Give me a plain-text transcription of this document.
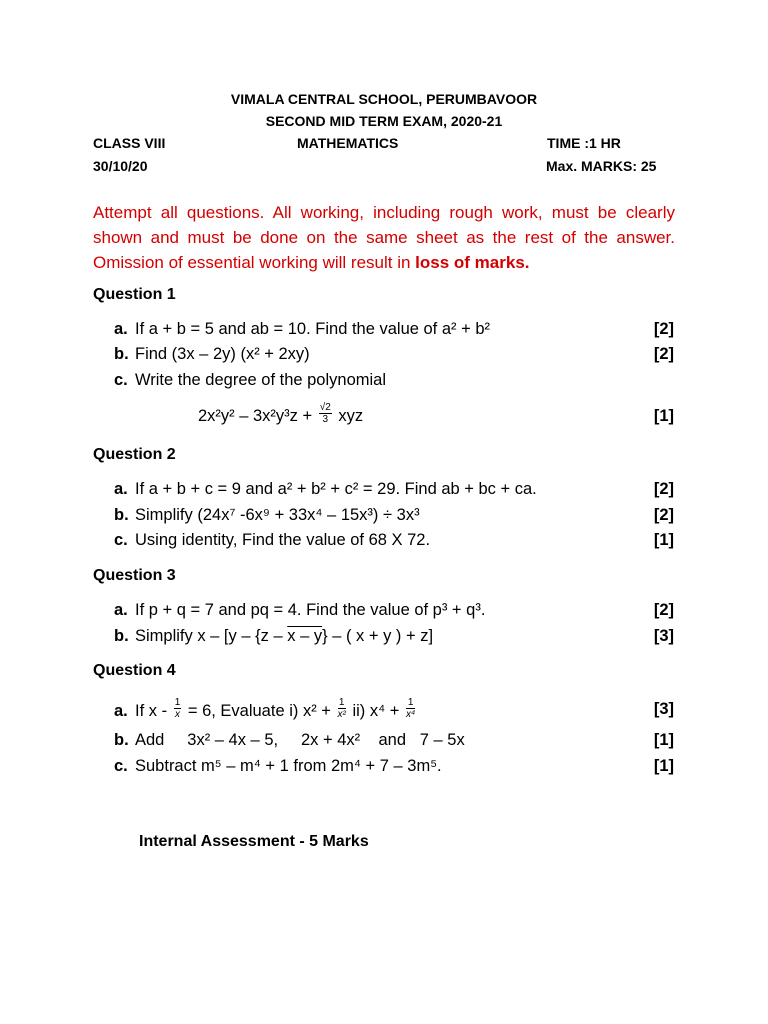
VIMALA CENTRAL SCHOOL, PERUMBAVOOR
SECOND MID TERM EXAM, 2020-21
CLASS VIII	MATHEMATICS	TIME :1 HR
30/10/20	Max. MARKS: 25
Attempt all questions. All working, including rough work, must be clearly shown and must be done on the same sheet as the rest of the answer. Omission of essential working will result in loss of marks.
Question 1
a. If a + b = 5 and ab = 10. Find the value of a² + b²	[2]
b. Find (3x – 2y) (x² + 2xy)	[2]
c. Write the degree of the polynomial
$2x^2y^2 - 3x^2y^3z + \frac{√2}{3}$ xyz	[1]
Question 2
a. If a + b + c = 9 and a² + b² + c² = 29. Find ab + bc + ca.	[2]
b. Simplify (24x⁷ -6x⁹ + 33x⁴ – 15x³) ÷ 3x³	[2]
c. Using identity, Find the value of 68 X 72.	[1]
Question 3
a. If p + q = 7 and pq = 4. Find the value of p³ + q³.	[2]
b. Simplify x – [y – {z – x – y} – ( x + y ) + z]	[3]
Question 4
a. If $x - \frac{1}{x} = 6$, Evaluate i) $x^2 + \frac{1}{\text{x²}} ii$) $x^4 + \frac{1}{\text{x⁴}}$	[3]
b. Add     3x² – 4x – 5,     2x + 4x²    and   7 – 5x	[1]
c. Subtract m⁵ – m⁴ + 1 from 2m⁴ + 7 – 3m⁵.	[1]
Internal Assessment - 5 Marks
